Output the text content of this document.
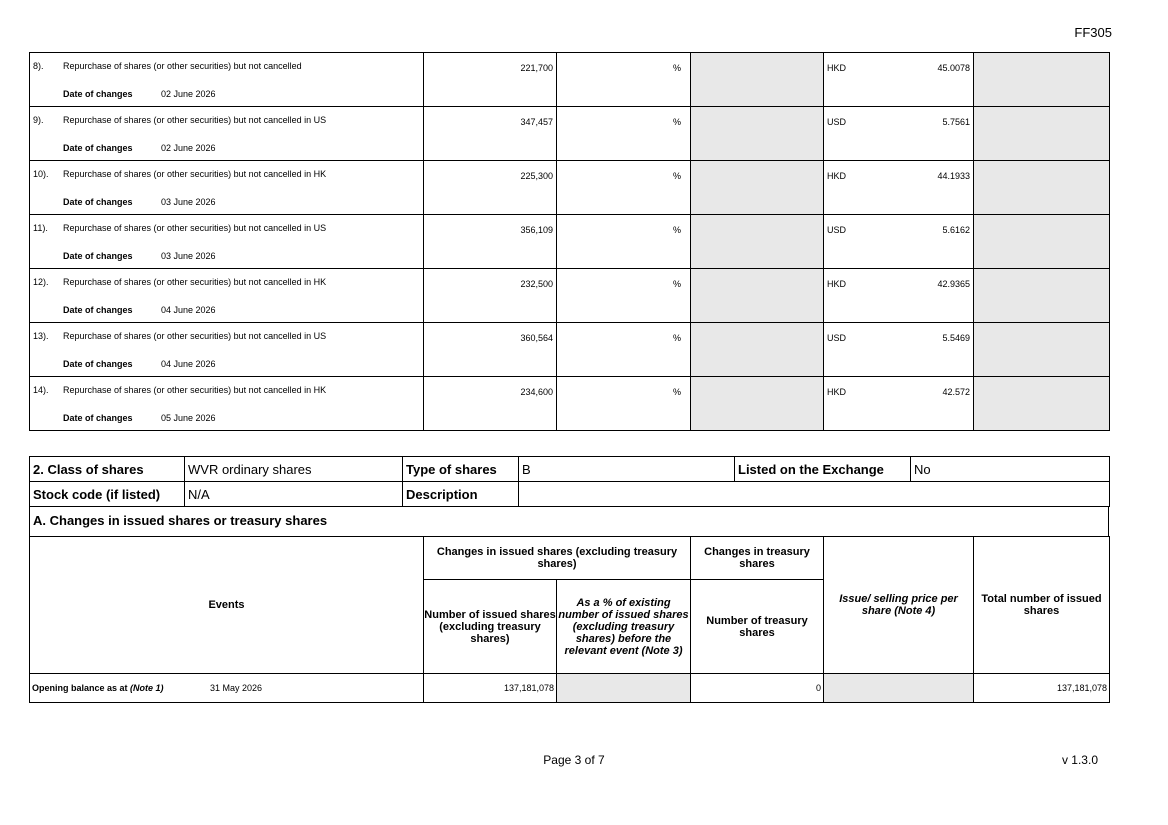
FF305
8). Repurchase of shares (or other securities) but not cancelled
Date of changes 02 June 2026	221,700	%		HKD 45.0078	

9). Repurchase of shares (or other securities) but not cancelled in US
Date of changes 02 June 2026	347,457	%		USD 5.7561	

10). Repurchase of shares (or other securities) but not cancelled in HK
Date of changes 03 June 2026	225,300	%		HKD 44.1933	

11). Repurchase of shares (or other securities) but not cancelled in US
Date of changes 03 June 2026	356,109	%		USD 5.6162	

12). Repurchase of shares (or other securities) but not cancelled in HK
Date of changes 04 June 2026	232,500	%		HKD 42.9365	

13). Repurchase of shares (or other securities) but not cancelled in US
Date of changes 04 June 2026	360,564	%		USD 5.5469	

14). Repurchase of shares (or other securities) but not cancelled in HK
Date of changes 05 June 2026	234,600	%		HKD 42.572	

2. Class of shares	WVR ordinary shares	Type of shares	B	Listed on the Exchange	No
Stock code (if listed)	N/A	Description			
A. Changes in issued shares or treasury shares
Events	Changes in issued shares (excluding treasury shares)		Changes in treasury shares	Issue/ selling price per share (Note 4)	Total number of issued shares
	Number of issued shares (excluding treasury shares)	As a % of existing number of issued shares (excluding treasury shares) before the relevant event (Note 3)	Number of treasury shares		
Opening balance as at (Note 1) 31 May 2026	137,181,078		0		137,181,078
Page 3 of 7	v 1.3.0
